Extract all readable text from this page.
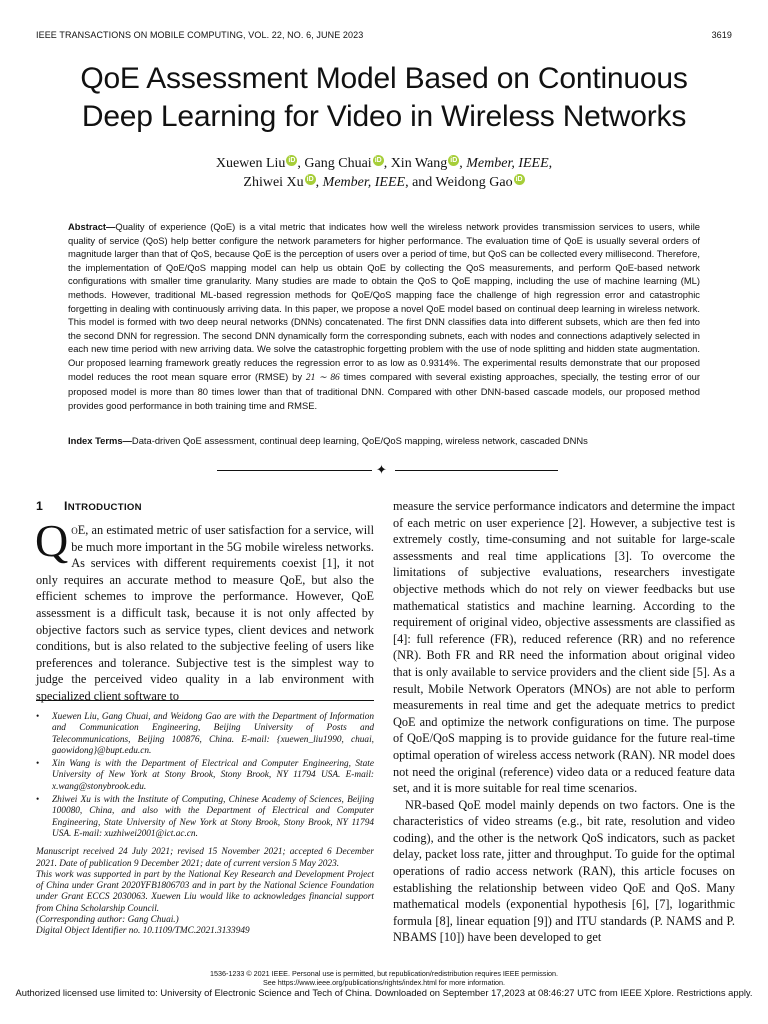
IEEE TRANSACTIONS ON MOBILE COMPUTING, VOL. 22, NO. 6, JUNE 2023	3619
QoE Assessment Model Based on Continuous
Deep Learning for Video in Wireless Networks
Xuewen Liu iD , Gang Chuai iD , Xin Wang iD , Member, IEEE,
Zhiwei Xu iD , Member, IEEE, and Weidong Gao iD
Abstract—Quality of experience (QoE) is a vital metric that indicates how well the wireless network provides transmission services to users, while quality of service (QoS) help better configure the network parameters for higher performance. The evaluation time of QoE is usually several orders of magnitude larger than that of QoS, because QoE is the perception of users over a period of time, but QoS can be collected every millisecond. Therefore, the implementation of QoE/QoS mapping model can help us obtain QoE by collecting the QoS measurements, and perform QoE-based network configurations with smaller time granularity. Many studies are made to obtain the QoS to QoE mapping, including the use of machine learning (ML) methods. However, traditional ML-based regression methods for QoE/QoS mapping face the challenge of high regression error and catastrophic forgetting in dealing with continuously arriving data. In this paper, we propose a novel QoE model based on continual deep learning in wireless network. This model is formed with two deep neural networks (DNNs) concatenated. The first DNN classifies data into different subsets, which are then fed into the second DNN for regression. The second DNN dynamically form the corresponding subnets, each with nodes and connections adaptively selected in each new time period with new arriving data. We solve the catastrophic forgetting problem with the use of node splitting and hidden state augmentation. Our proposed learning framework greatly reduces the regression error to as low as 0.9314%. The experimental results demonstrate that our proposed model reduces the root mean square error (RMSE) by 21 ∼ 86 times compared with several existing approaches, specially, the testing error of our proposed model is more than 80 times lower than that of traditional DNN. Compared with other DNN-based cascade models, our proposed method provides good performance in both training time and RMSE.
Index Terms—Data-driven QoE assessment, continual deep learning, QoE/QoS mapping, wireless network, cascaded DNNs
✦
1 INTRODUCTION

QoE, an estimated metric of user satisfaction for a service, will be much more important in the 5G mobile wireless networks. As services with different requirements coexist [1], it not only requires an accurate method to measure QoE, but also the efficient schemes to improve the performance. However, QoE assessment is a difficult task, because it is not only affected by objective factors such as service types, client devices and network conditions, but is also related to the subjective feeling of users like preferences and tolerance. Subjective test is the simplest way to judge the perceived video quality in a lab environment with specialized client software to

• Xuewen Liu, Gang Chuai, and Weidong Gao are with the Department of Information and Communication Engineering, Beijing University of Posts and Telecommunications, Beijing 100876, China. E-mail: {xuewen_liu1990, chuai, gaowidong}@bupt.edu.cn.
• Xin Wang is with the Department of Electrical and Computer Engineering, State University of New York at Stony Brook, Stony Brook, NY 11794 USA. E-mail: x.wang@stonybrook.edu.
• Zhiwei Xu is with the Institute of Computing, Chinese Academy of Sciences, Beijing 100080, China, and also with the Department of Electrical and Computer Engineering, State University of New York at Stony Brook, Stony Brook, NY 11794 USA. E-mail: xuzhiwei2001@ict.ac.cn.

Manuscript received 24 July 2021; revised 15 November 2021; accepted 6 December 2021. Date of publication 9 December 2021; date of current version 5 May 2023.

This work was supported in part by the National Key Research and Development Project of China under Grant 2020YFB1806703 and in part by the National Science Foundation under Grant ECCS 2030063. Xuewen Liu would like to acknowledges financial support from China Scholarship Council.

(Corresponding author: Gang Chuai.)

Digital Object Identifier no. 10.1109/TMC.2021.3133949

measure the service performance indicators and determine the impact of each metric on user experience [2]. However, a subjective test is extremely costly, time-consuming and not suitable for large-scale assessments and real time applications [3]. To overcome the limitations of subjective evaluations, researchers investigate objective methods which do not rely on viewer feedbacks but use mathematical statistics and machine learning. According to the requirement of original video, objective assessments are classified as [4]: full reference (FR), reduced reference (RR) and no reference (NR). Both FR and RR need the information about original video that is only available to service providers and the client side [5]. As a result, Mobile Network Operators (MNOs) are not able to perform measurements in real time and get the adequate metrics to predict QoE and optimize the network configurations on time. The purpose of QoE/QoS mapping is to provide guidance for the future real-time optimal operation of wireless access network (RAN). NR model does not need the original (reference) video data or a reduced feature data set, and it is more suitable for real time scenarios.

NR-based QoE model mainly depends on two factors. One is the characteristics of video streams (e.g., bit rate, resolution and video coding), and the other is the network QoS indicators, such as packet delay, packet loss rate, jitter and throughput. To guide for the optimal operations of radio access network (RAN), this article focuses on establishing the relationship between video QoE and QoS. Many mathematical models (exponential hypothesis [6], [7], logarithmic formula [8], linear equation [9]) and ITU standards (P. NAMS and P. NBAMS [10]) have been developed to get

1536-1233 © 2021 IEEE. Personal use is permitted, but republication/redistribution requires IEEE permission.
See https://www.ieee.org/publications/rights/index.html for more information.
Authorized licensed use limited to: University of Electronic Science and Tech of China. Downloaded on September 17,2023 at 08:46:27 UTC from IEEE Xplore. Restrictions apply.
